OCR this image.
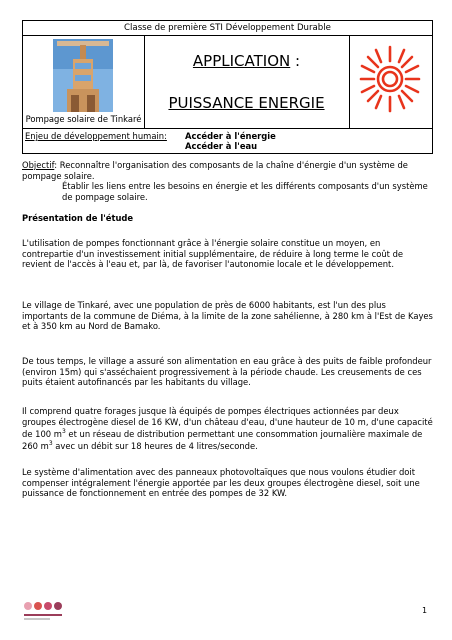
Classe de première STI Développement Durable
Pompage solaire de Tinkaré
APPLICATION :
PUISSANCE ENERGIE
Enjeu de développement humain: Accéder à l'énergie
Accéder à l'eau
Objectif: Reconnaître l'organisation des composants de la chaîne d'énergie d'un système de pompage solaire.
Établir les liens entre les besoins en énergie et les différents composants d'un système de pompage solaire.
Présentation de l'étude
L'utilisation de pompes fonctionnant grâce à l'énergie solaire constitue un moyen, en contrepartie d'un investissement initial supplémentaire, de réduire à long terme le coût de revient de l'accès à l'eau et, par là, de favoriser l'autonomie locale et le développement.
Le village de Tinkaré, avec une population de près de 6000 habitants, est l'un des plus importants de la commune de Diéma, à la limite de la zone sahélienne, à 280 km à l'Est de Kayes et à 350 km au Nord de Bamako.
De tous temps, le village a assuré son alimentation en eau grâce à des puits de faible profondeur (environ 15m) qui s'asséchaient progressivement à la période chaude. Les creusements de ces puits étaient autofinancés par les habitants du village.
Il comprend quatre forages jusque là équipés de pompes électriques actionnées par deux groupes électrogène diesel de 16 KW, d'un château d'eau, d'une hauteur de 10 m, d'une capacité de 100 $m^3$ et un réseau de distribution permettant une consommation journalière maximale de 260 $m^3$ avec un débit sur 18 heures de 4 litres/seconde.
Le système d'alimentation avec des panneaux photovoltaïques que nous voulons étudier doit compenser intégralement l'énergie apportée par les deux groupes électrogène diesel, soit une puissance de fonctionnement en entrée des pompes de 32 KW.
1
